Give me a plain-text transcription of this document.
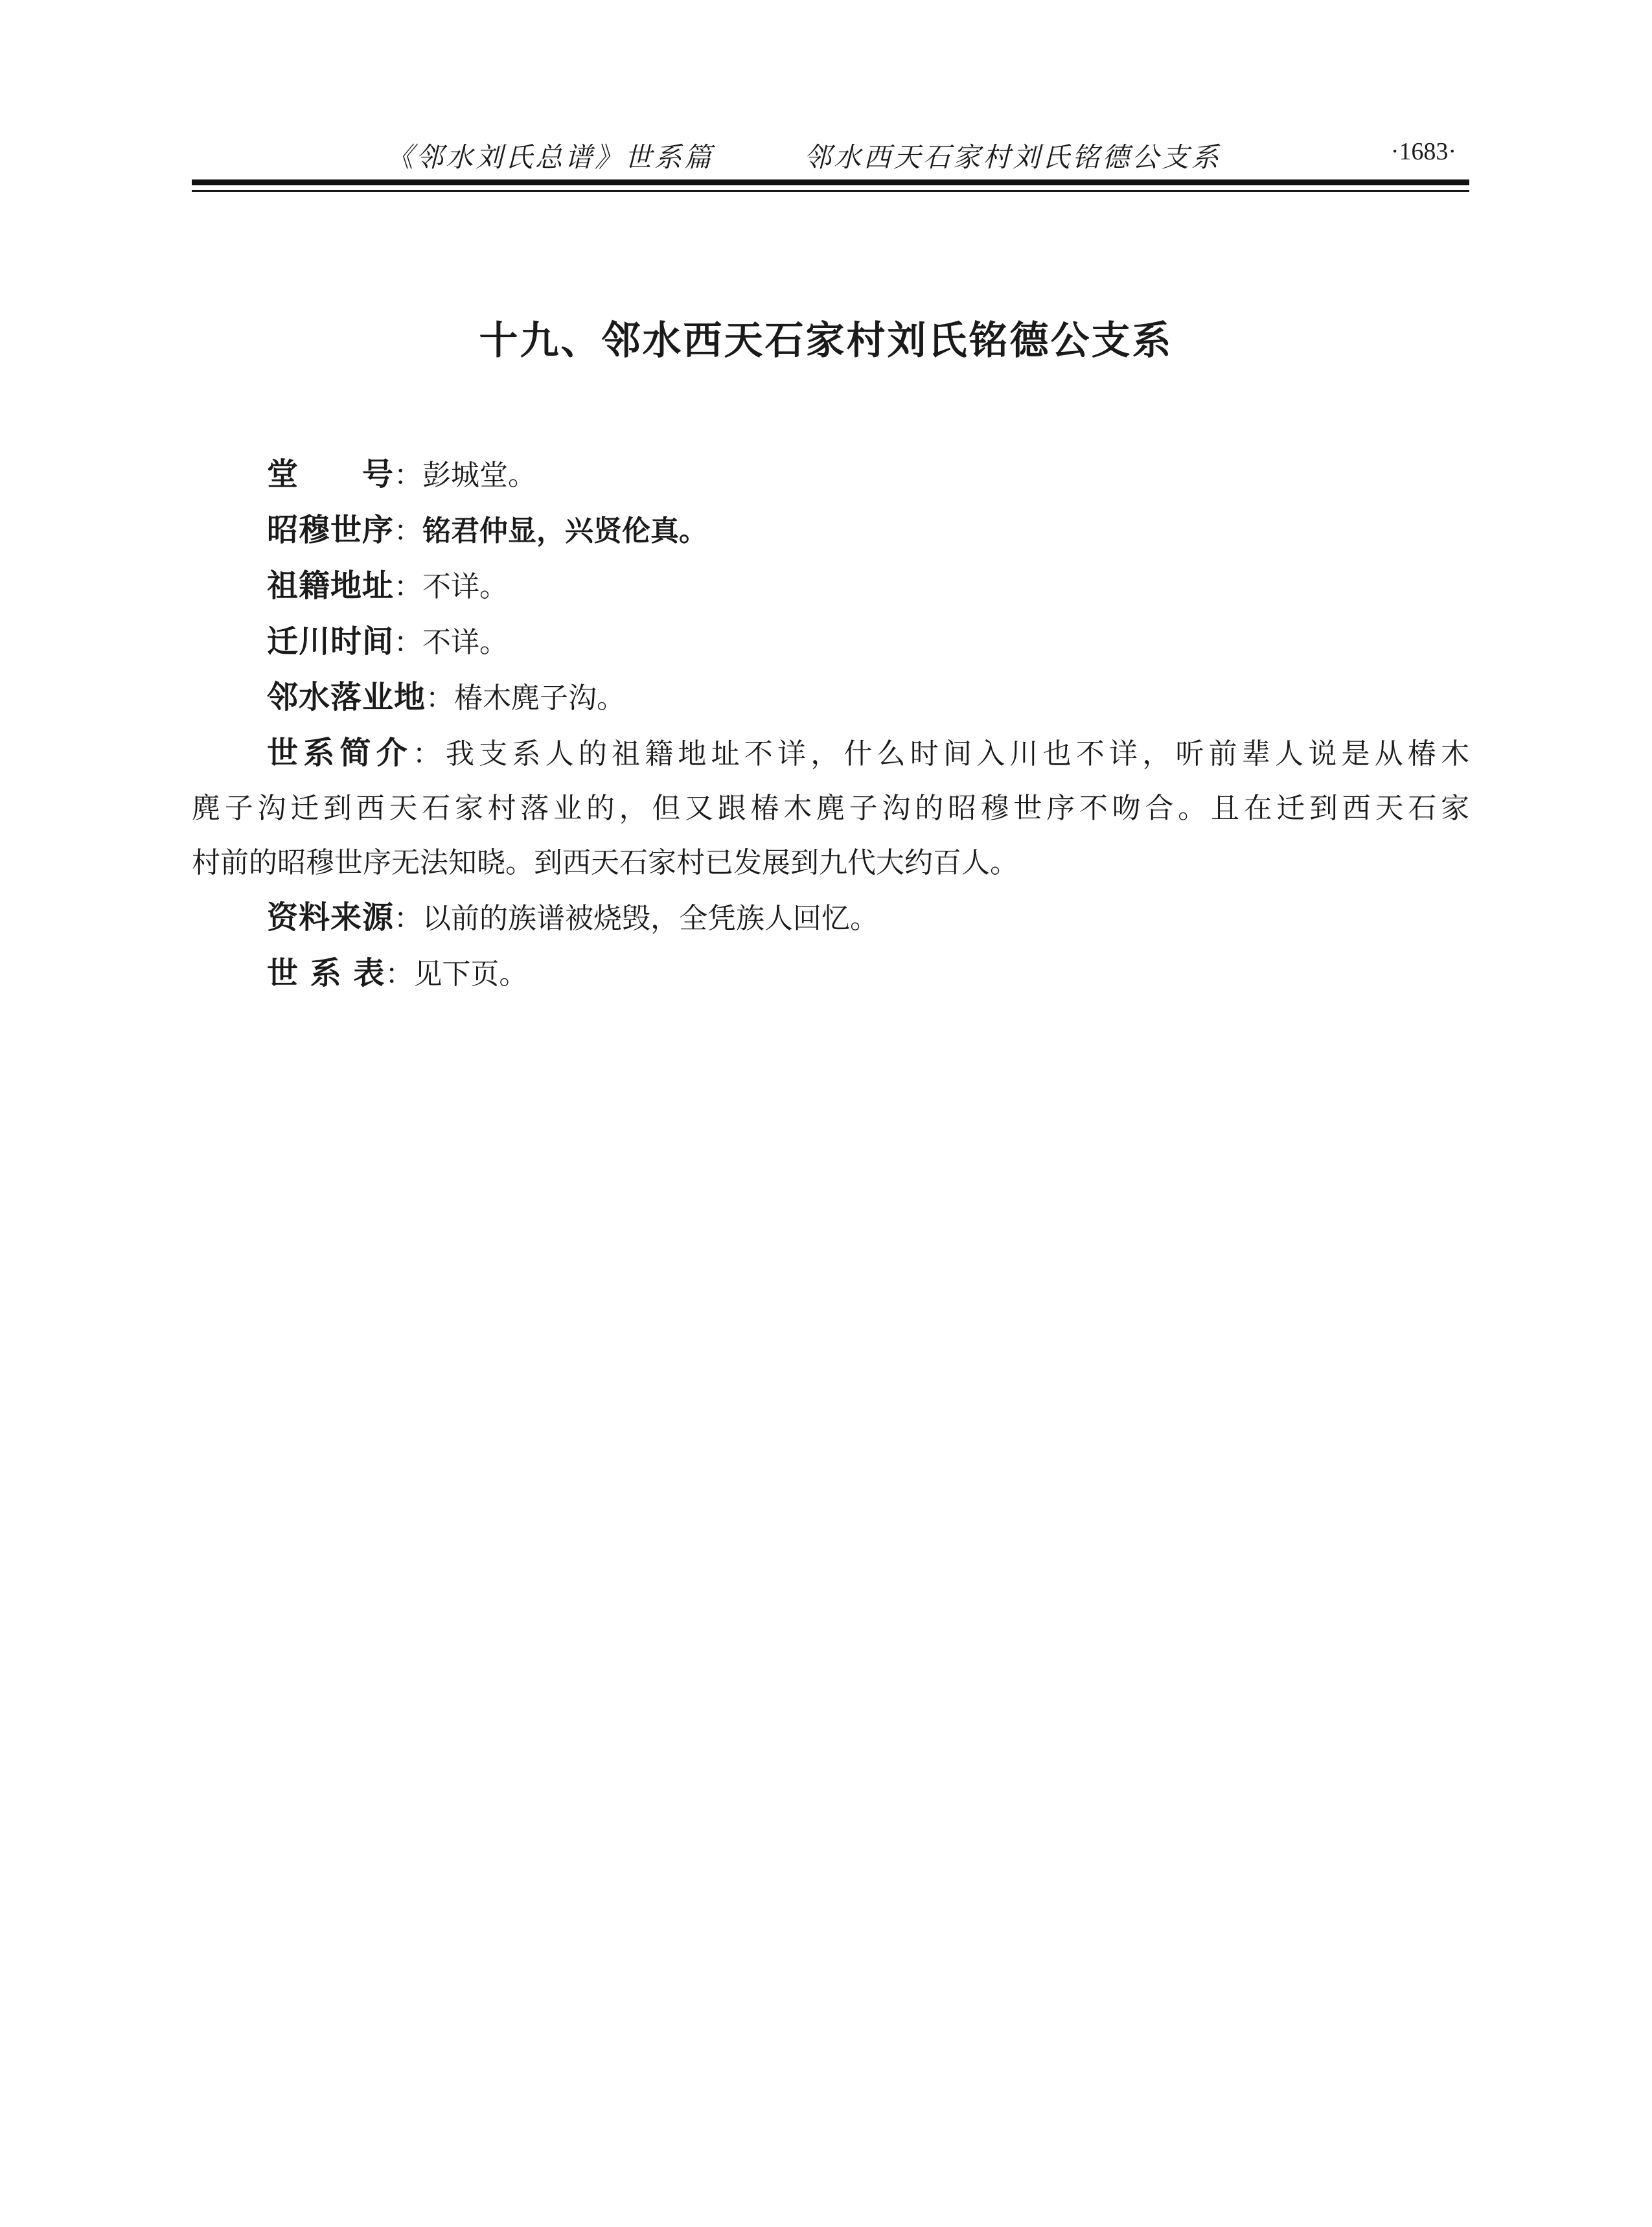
《邻水刘氏总谱》世系篇	邻水西天石家村刘氏铭德公支系	·1683·
十九、邻水西天石家村刘氏铭德公支系
堂　　号：彭城堂。
昭穆世序：铭君仲显，兴贤伦真。
祖籍地址：不详。
迁川时间：不详。
邻水落业地：椿木麂子沟。
世系简介：我支系人的祖籍地址不详，什么时间入川也不详，听前辈人说是从椿木
麂子沟迁到西天石家村落业的，但又跟椿木麂子沟的昭穆世序不吻合。且在迁到西天石家
村前的昭穆世序无法知晓。到西天石家村已发展到九代大约百人。
资料来源：以前的族谱被烧毁，全凭族人回忆。
世 系 表：见下页。
